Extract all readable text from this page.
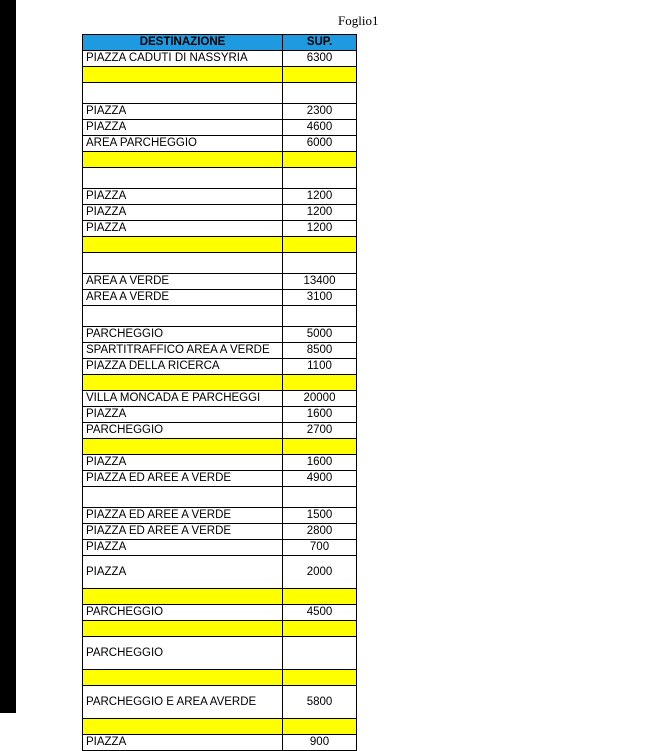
Foglio1
DESTINAZIONE	SUP.
PIAZZA CADUTI DI NASSYRIA	6300

PIAZZA	2300
PIAZZA	4600
AREA PARCHEGGIO	6000

PIAZZA	1200
PIAZZA	1200
PIAZZA	1200

AREA A VERDE	13400
AREA A VERDE	3100

PARCHEGGIO	5000
SPARTITRAFFICO AREA A VERDE	8500
PIAZZA DELLA RICERCA	1100

VILLA MONCADA E PARCHEGGI	20000
PIAZZA	1600
PARCHEGGIO	2700

PIAZZA	1600
PIAZZA ED AREE A VERDE	4900

PIAZZA ED AREE A VERDE	1500
PIAZZA ED AREE A VERDE	2800
PIAZZA	700
PIAZZA	2000

PARCHEGGIO	4500

PARCHEGGIO	

PARCHEGGIO E AREA AVERDE	5800

PIAZZA	900
